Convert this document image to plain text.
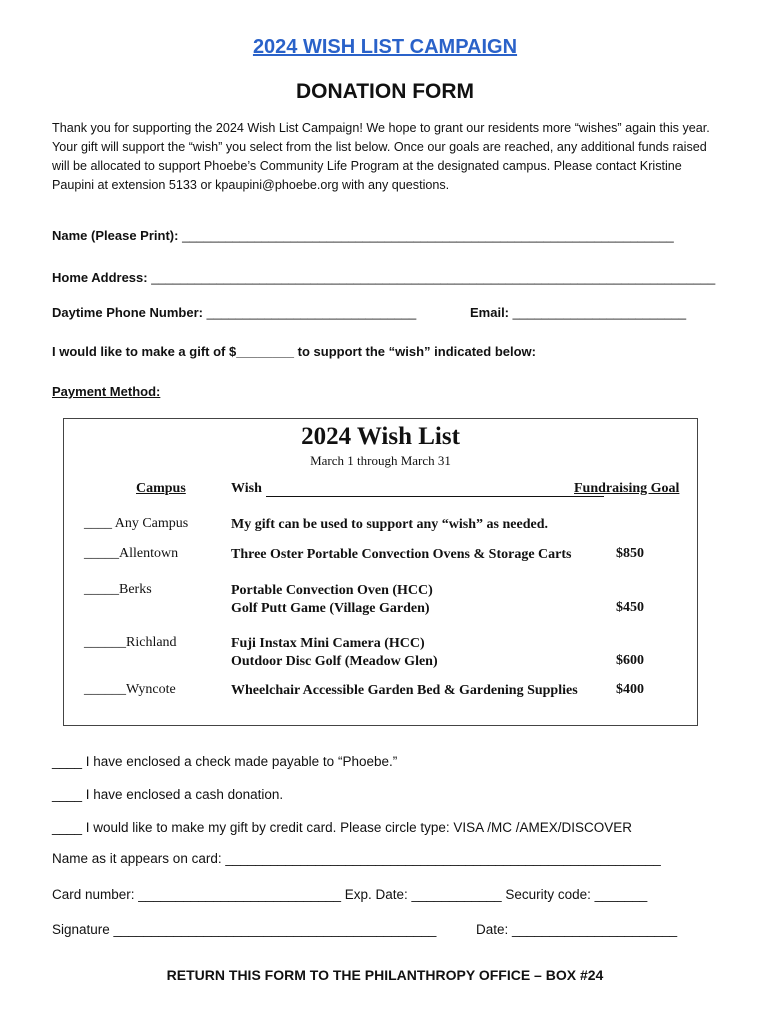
2024 WISH LIST CAMPAIGN
DONATION FORM
Thank you for supporting the 2024 Wish List Campaign! We hope to grant our residents more “wishes” again this year. Your gift will support the “wish” you select from the list below. Once our goals are reached, any additional funds raised will be allocated to support Phoebe’s Community Life Program at the designated campus. Please contact Kristine Paupini at extension 5133 or kpaupini@phoebe.org with any questions.
Name (Please Print): ____________________________________________________________________
Home Address: ______________________________________________________________________________
Daytime Phone Number: _____________________________	Email: ________________________
I would like to make a gift of $________ to support the “wish” indicated below:
Payment Method:
2024 Wish List
March 1 through March 31
Campus	Wish	Fundraising Goal
____ Any Campus	My gift can be used to support any “wish” as needed.
_____Allentown	Three Oster Portable Convection Ovens & Storage Carts	$850
_____Berks	Portable Convection Oven (HCC)
Golf Putt Game (Village Garden)	$450
______Richland	Fuji Instax Mini Camera (HCC)
Outdoor Disc Golf (Meadow Glen)	$600
______Wyncote	Wheelchair Accessible Garden Bed & Gardening Supplies	$400
____ I have enclosed a check made payable to “Phoebe.”
____ I have enclosed a cash donation.
____ I would like to make my gift by credit card. Please circle type: VISA /MC /AMEX/DISCOVER
Name as it appears on card: __________________________________________________________
Card number: ___________________________ Exp. Date: ____________ Security code: _______
Signature ___________________________________________	Date: ______________________
RETURN THIS FORM TO THE PHILANTHROPY OFFICE – BOX #24
